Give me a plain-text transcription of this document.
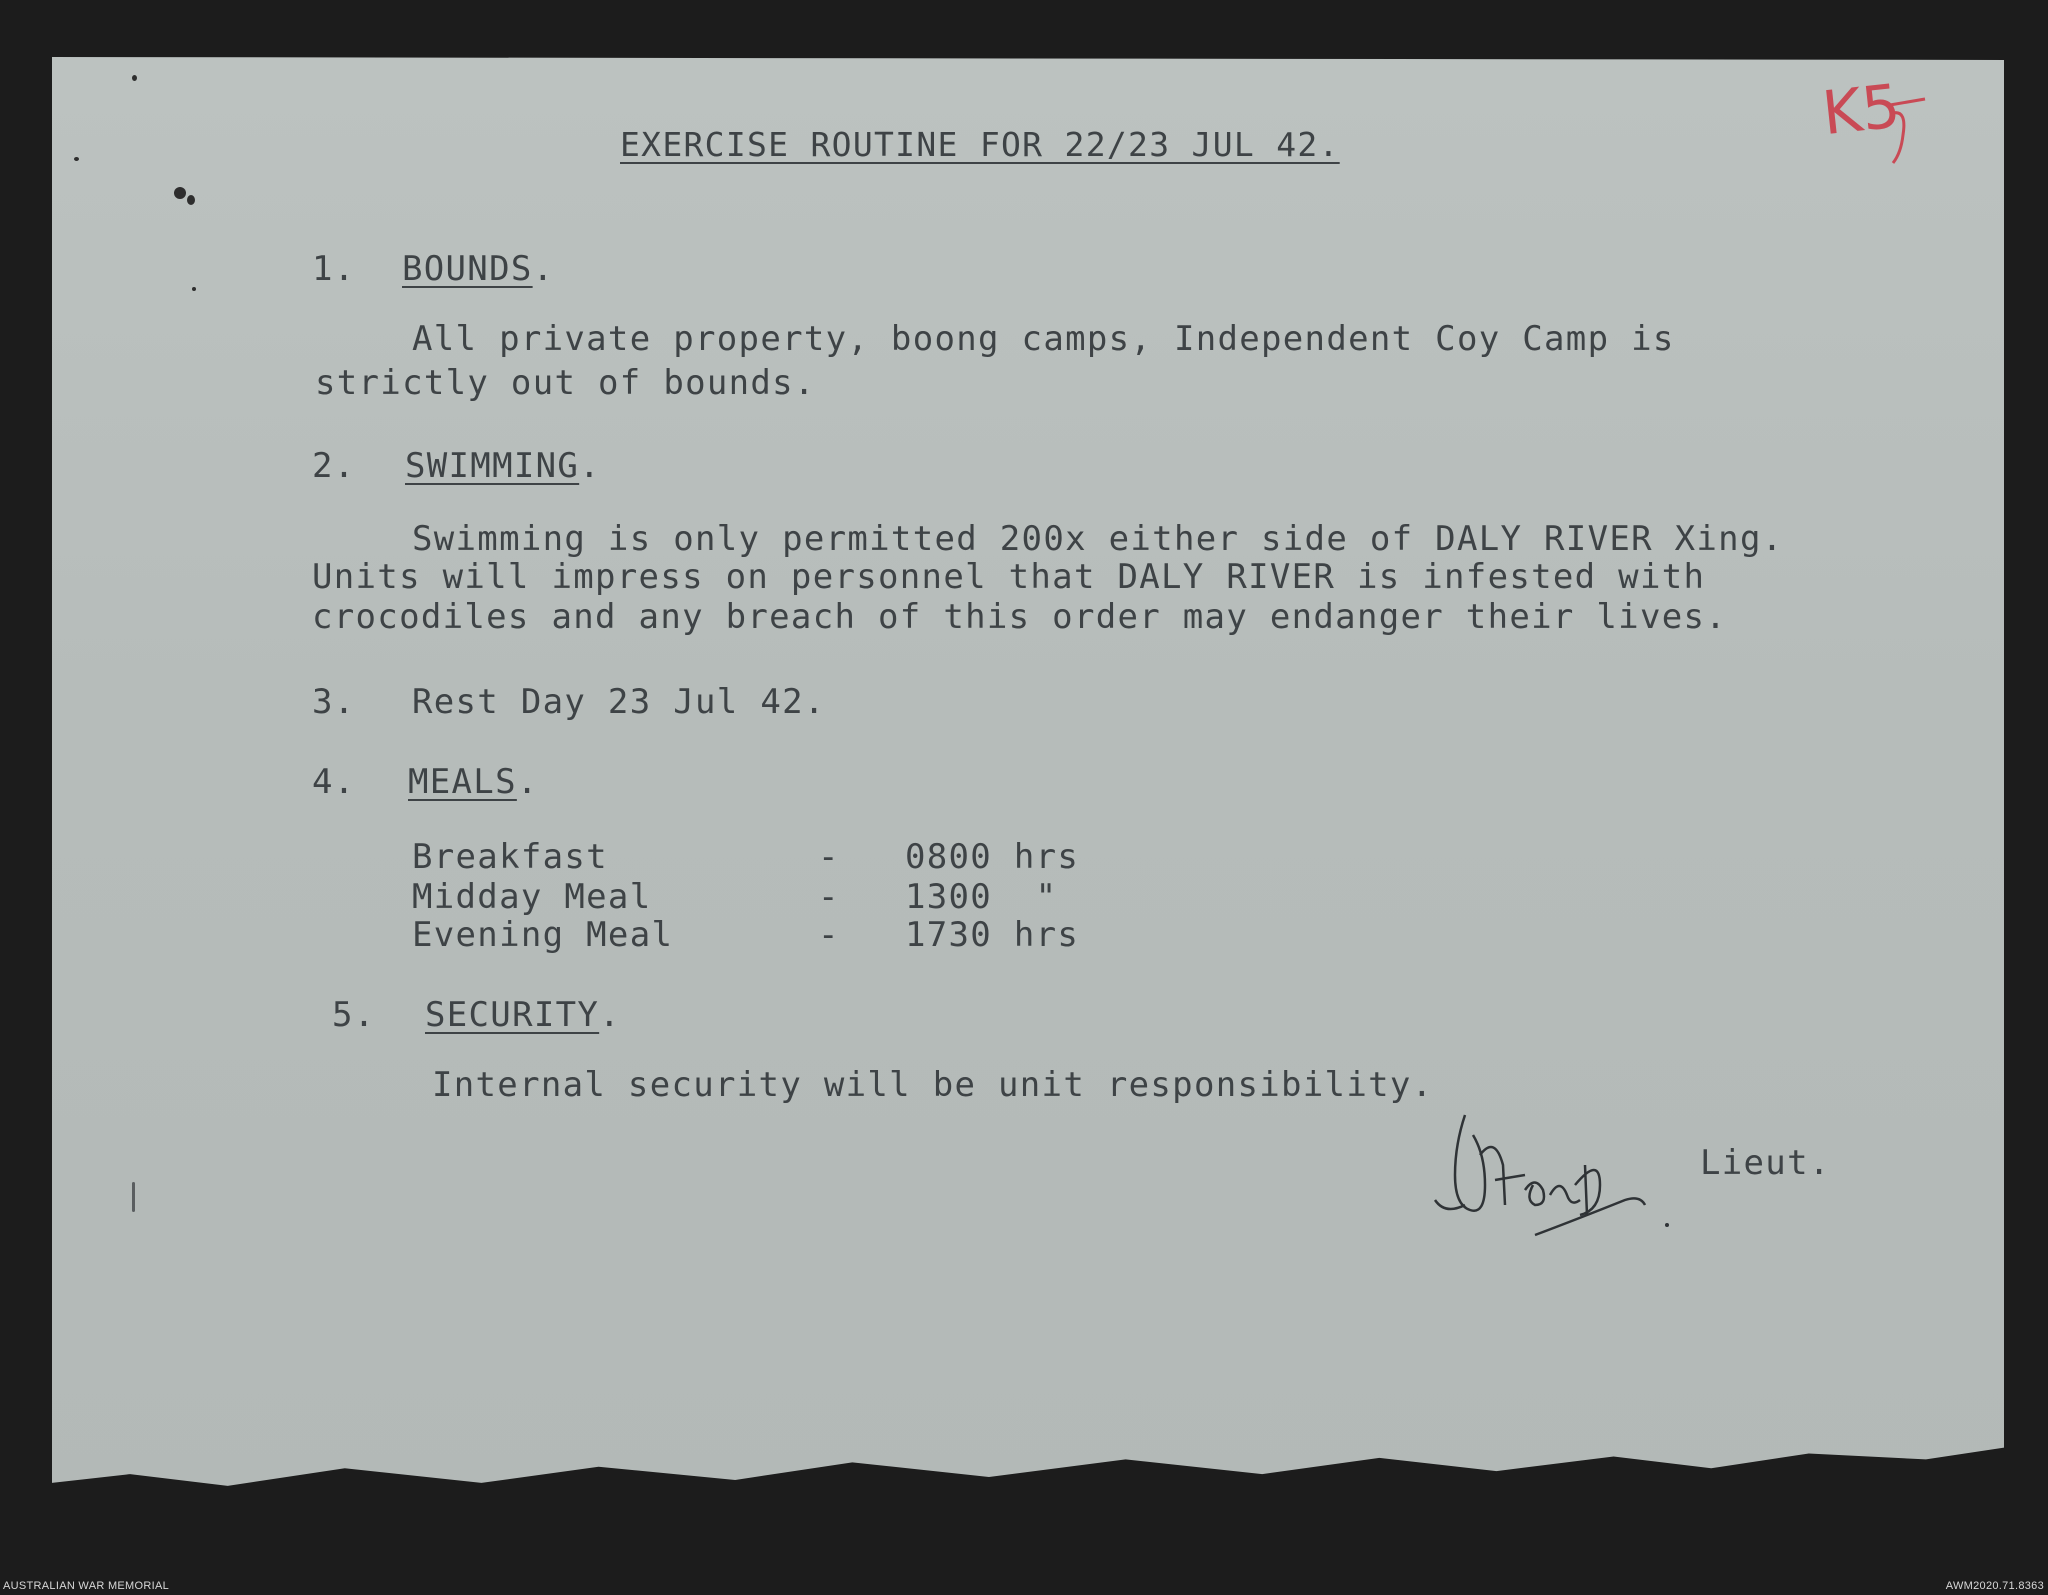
K5
EXERCISE ROUTINE FOR 22/23 JUL 42.
1. BOUNDS.
All private property, boong camps, Independent Coy Camp is
strictly out of bounds.
2. SWIMMING.
Swimming is only permitted 200x either side of DALY RIVER Xing.
Units will impress on personnel that DALY RIVER is infested with
crocodiles and any breach of this order may endanger their lives.
3. Rest Day 23 Jul 42.
4. MEALS.
Breakfast	- 0800 hrs
Midday Meal	- 1300  "
Evening Meal	- 1730 hrs
5. SECURITY.
Internal security will be unit responsibility.
Lieut.
AUSTRALIAN WAR MEMORIAL	AWM2020.71.8363
